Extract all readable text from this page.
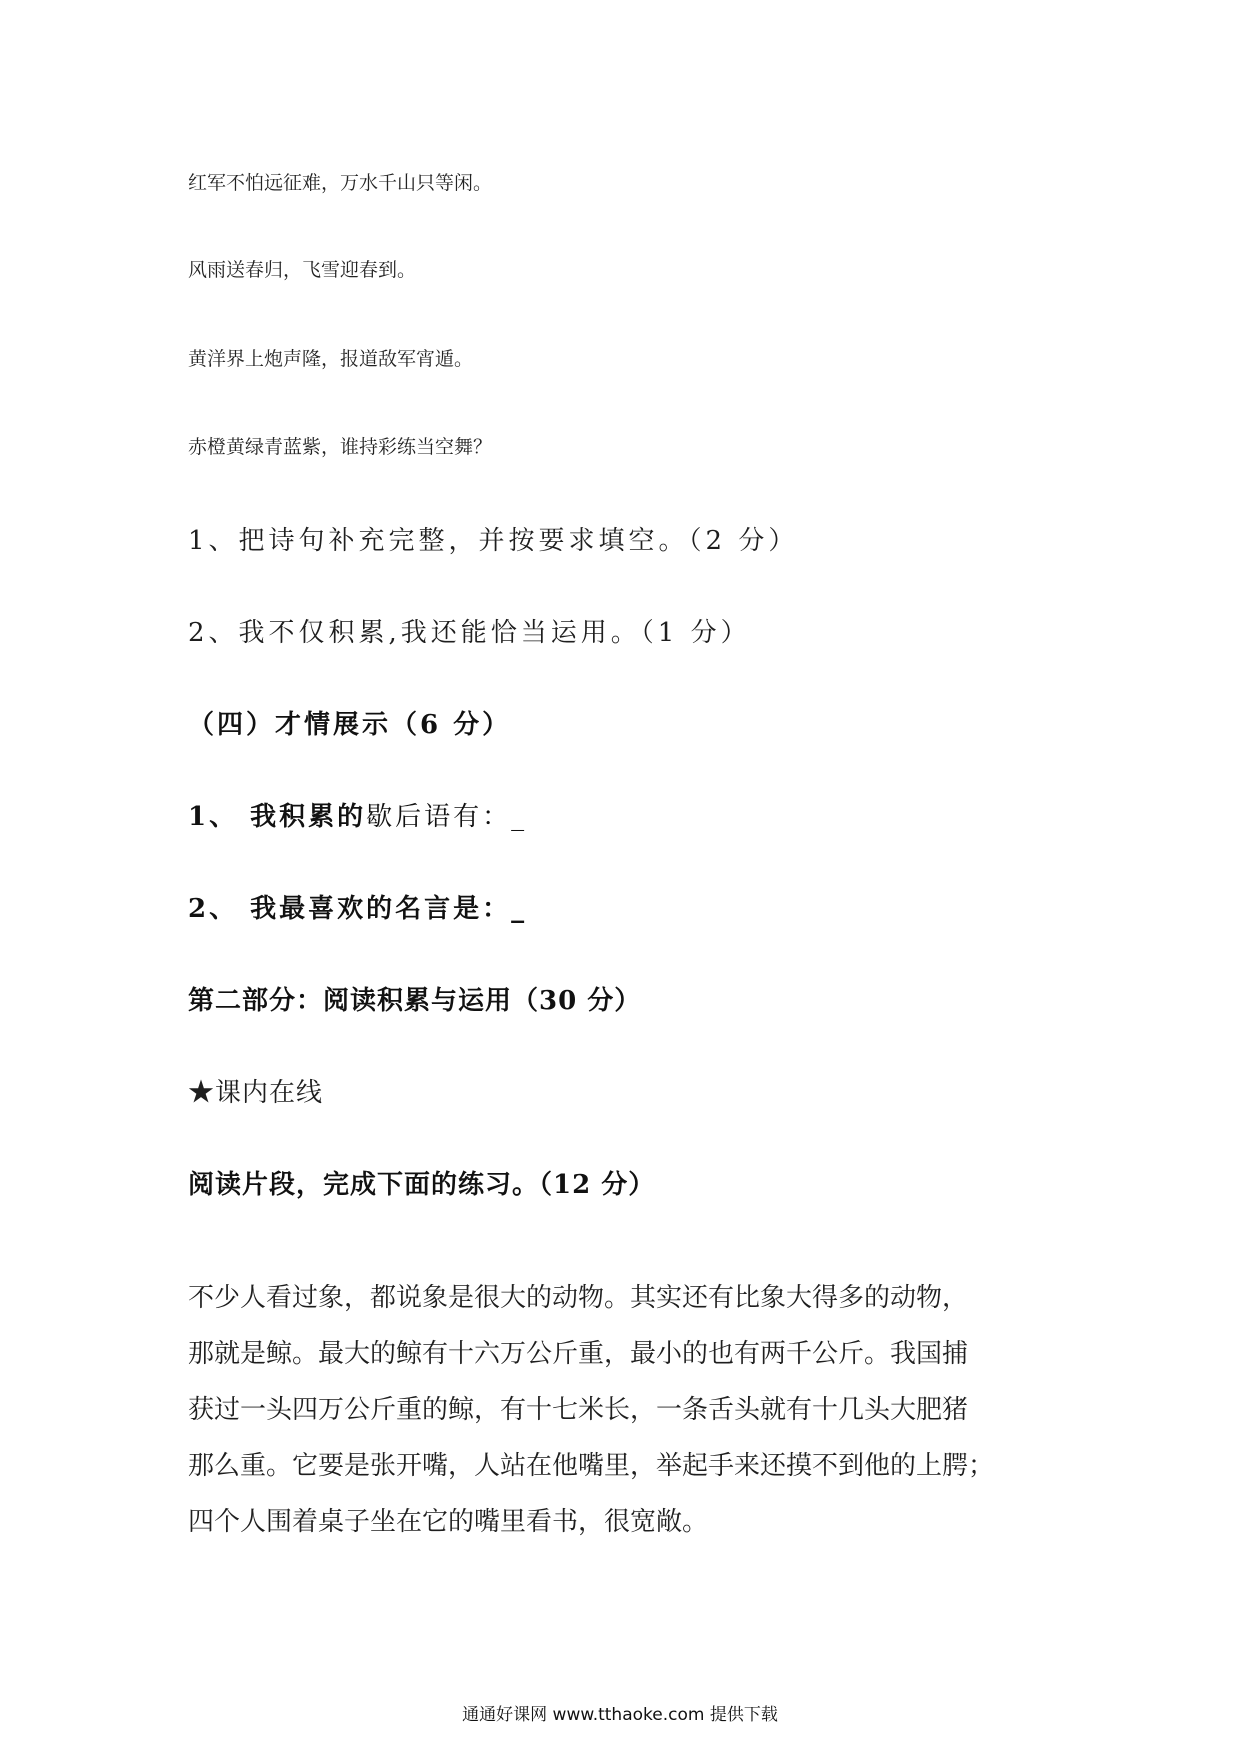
红军不怕远征难，万水千山只等闲。
风雨送春归，飞雪迎春到。
黄洋界上炮声隆，报道敌军宵遁。
赤橙黄绿青蓝紫，谁持彩练当空舞？
1、把诗句补充完整，并按要求填空。（2 分）
2、我不仅积累,我还能恰当运用。（1 分）
（四）才情展示（6 分）
1、 我积累的歇后语有：_
2、 我最喜欢的名言是：_
第二部分：阅读积累与运用（30 分）
★课内在线
阅读片段，完成下面的练习。（12 分）
不少人看过象，都说象是很大的动物。其实还有比象大得多的动物，
那就是鲸。最大的鲸有十六万公斤重，最小的也有两千公斤。我国捕
获过一头四万公斤重的鲸，有十七米长，一条舌头就有十几头大肥猪
那么重。它要是张开嘴，人站在他嘴里，举起手来还摸不到他的上腭；
四个人围着桌子坐在它的嘴里看书，很宽敞。
通通好课网 www.tthaoke.com 提供下载
